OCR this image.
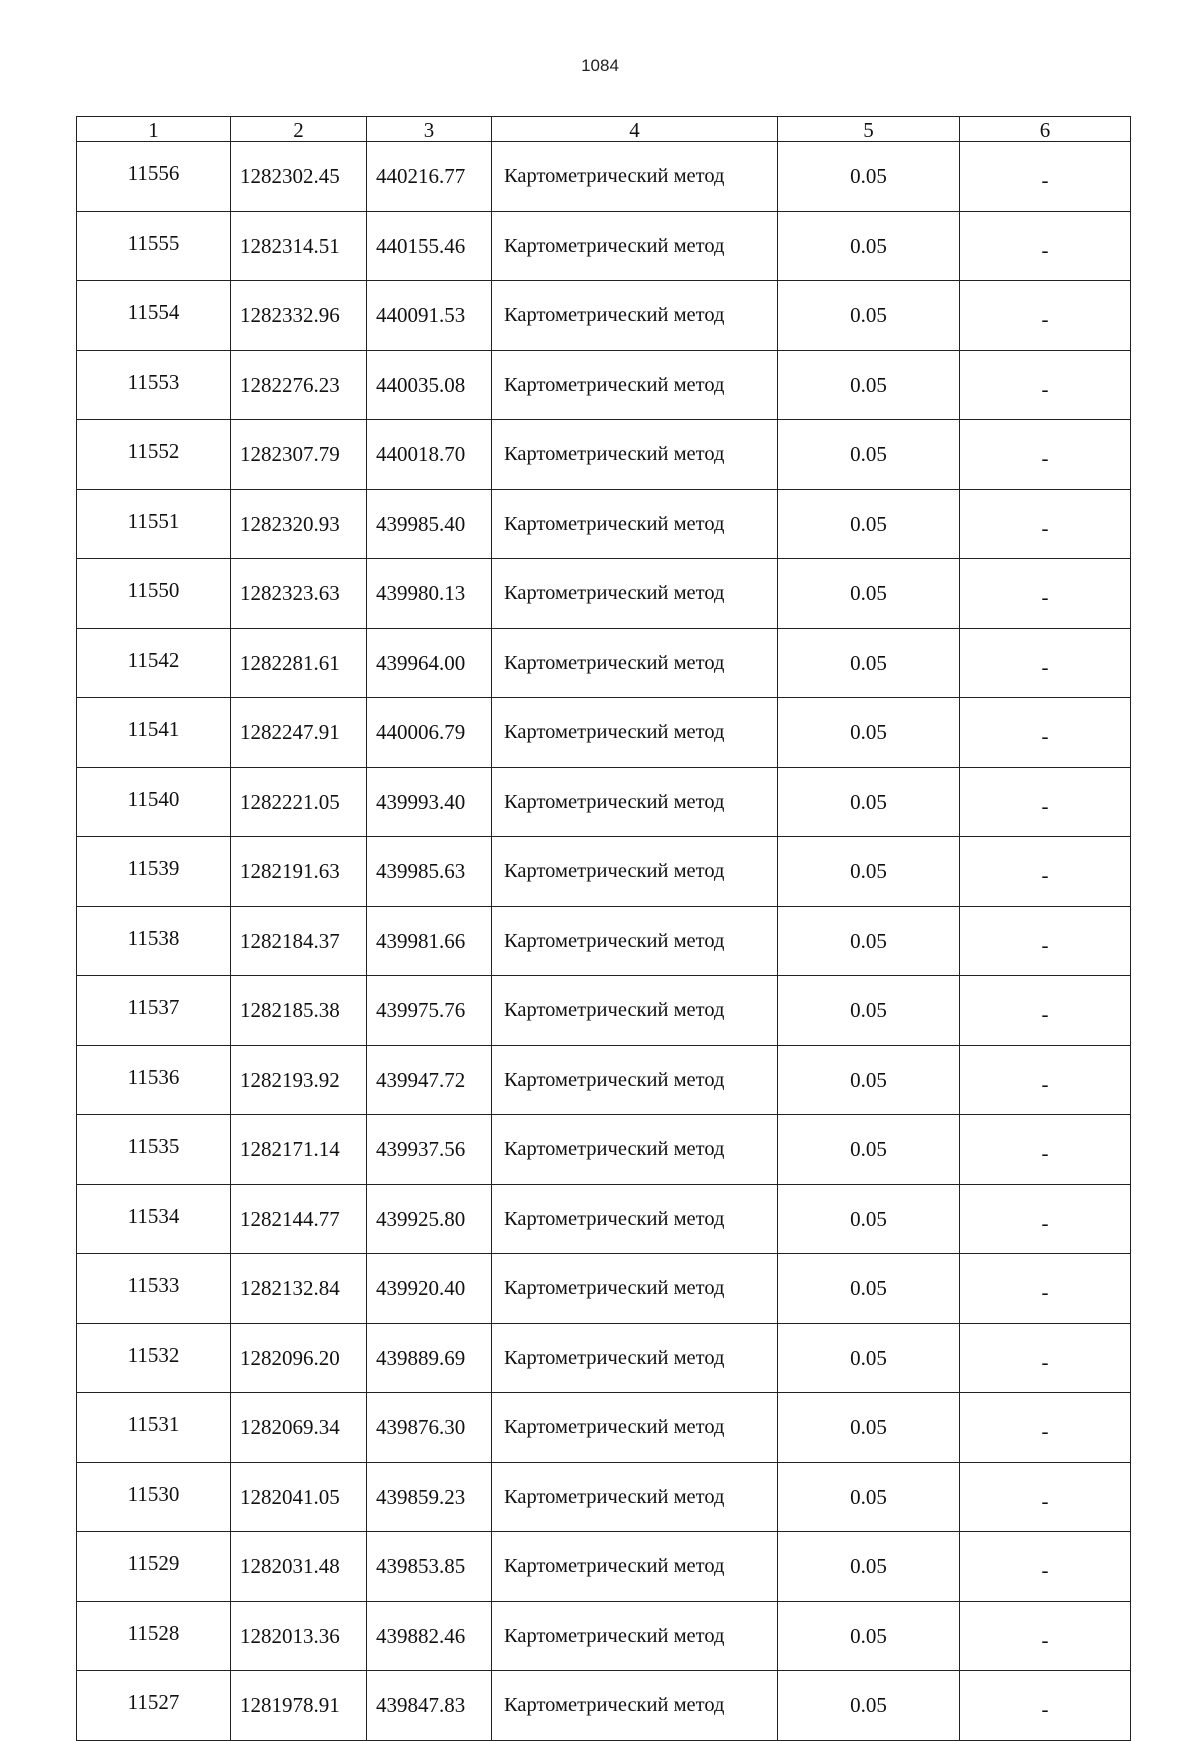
1084
1	2	3	4	5	6
11556	1282302.45	440216.77	Картометрический метод	0.05	-
11555	1282314.51	440155.46	Картометрический метод	0.05	-
11554	1282332.96	440091.53	Картометрический метод	0.05	-
11553	1282276.23	440035.08	Картометрический метод	0.05	-
11552	1282307.79	440018.70	Картометрический метод	0.05	-
11551	1282320.93	439985.40	Картометрический метод	0.05	-
11550	1282323.63	439980.13	Картометрический метод	0.05	-
11542	1282281.61	439964.00	Картометрический метод	0.05	-
11541	1282247.91	440006.79	Картометрический метод	0.05	-
11540	1282221.05	439993.40	Картометрический метод	0.05	-
11539	1282191.63	439985.63	Картометрический метод	0.05	-
11538	1282184.37	439981.66	Картометрический метод	0.05	-
11537	1282185.38	439975.76	Картометрический метод	0.05	-
11536	1282193.92	439947.72	Картометрический метод	0.05	-
11535	1282171.14	439937.56	Картометрический метод	0.05	-
11534	1282144.77	439925.80	Картометрический метод	0.05	-
11533	1282132.84	439920.40	Картометрический метод	0.05	-
11532	1282096.20	439889.69	Картометрический метод	0.05	-
11531	1282069.34	439876.30	Картометрический метод	0.05	-
11530	1282041.05	439859.23	Картометрический метод	0.05	-
11529	1282031.48	439853.85	Картометрический метод	0.05	-
11528	1282013.36	439882.46	Картометрический метод	0.05	-
11527	1281978.91	439847.83	Картометрический метод	0.05	-
